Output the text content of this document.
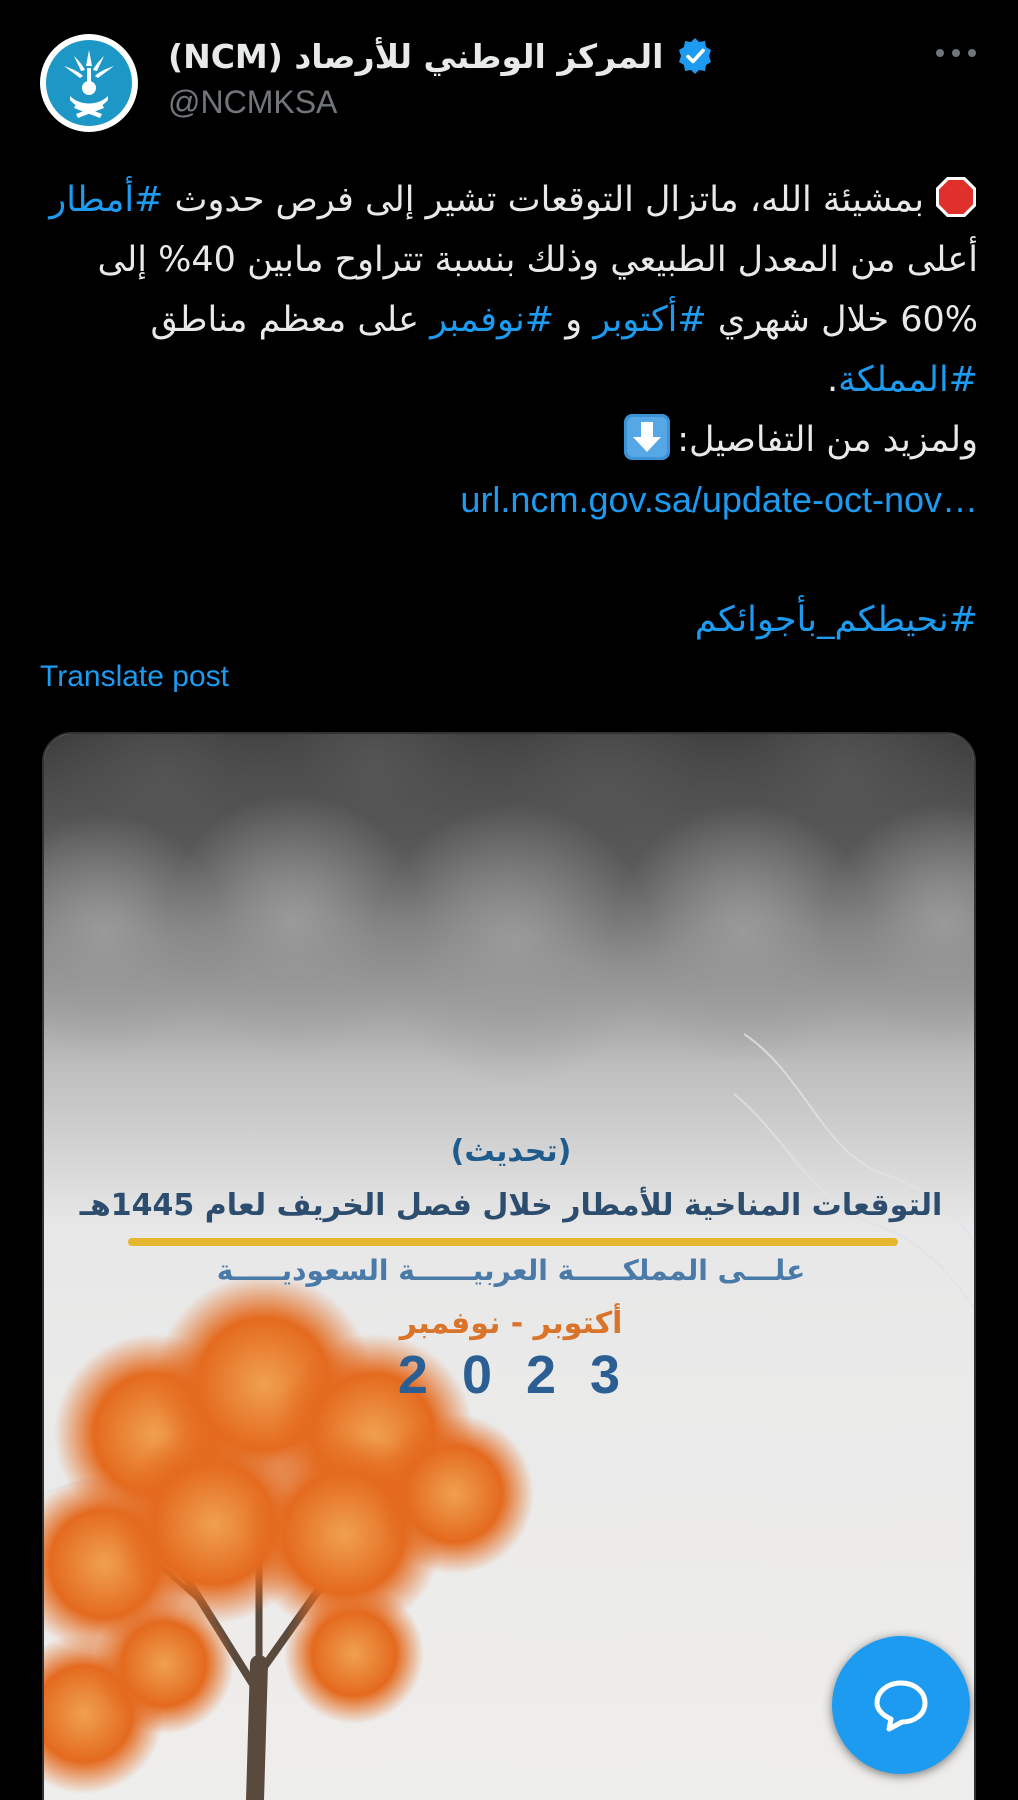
المركز الوطني للأرصاد (NCM)
@NCMKSA

بمشيئة الله، ماتزال التوقعات تشير إلى فرص حدوث #أمطار

أعلى من المعدل الطبيعي وذلك بنسبة تتراوح مابين 40% إلى

60% خلال شهري #أكتوبر و #نوفمبر على معظم مناطق

#المملكة.

ولمزيد من التفاصيل:

url.ncm.gov.sa/update-oct-nov…

#نحيطكم_بأجوائكم

Translate post
(تحديث)
التوقعات المناخية للأمطار خلال فصل الخريف لعام 1445هـ
علـــى المملكـــــة العربيــــــة السعوديـــــة
أكتوبر - نوفمبر
2023
